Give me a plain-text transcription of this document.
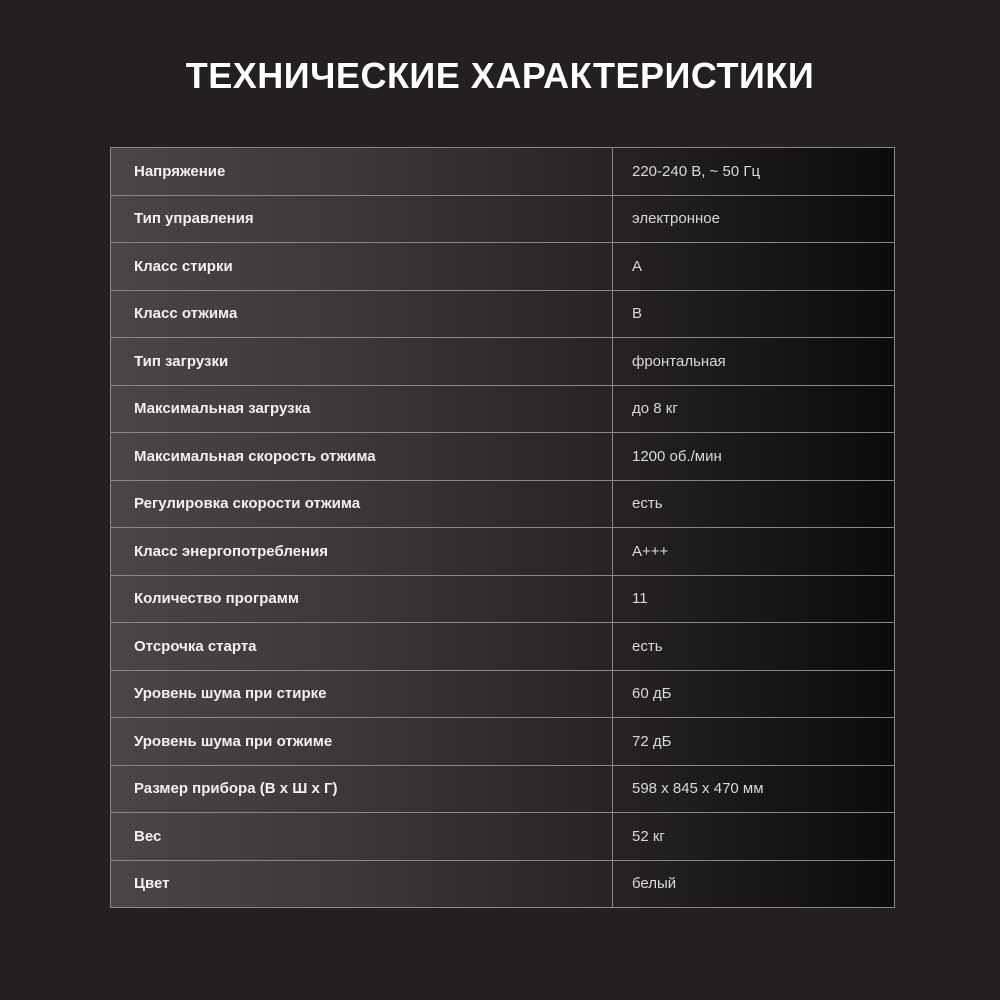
ТЕХНИЧЕСКИЕ ХАРАКТЕРИСТИКИ
Напряжение	220-240 В, ~ 50 Гц
Тип управления	электронное
Класс стирки	А
Класс отжима	В
Тип загрузки	фронтальная
Максимальная загрузка	до 8 кг
Максимальная скорость отжима	1200 об./мин
Регулировка скорости отжима	есть
Класс энергопотребления	А+++
Количество программ	11
Отсрочка старта	есть
Уровень шума при стирке	60 дБ
Уровень шума при отжиме	72 дБ
Размер прибора (В х Ш х Г)	598 х 845 х 470 мм
Вес	52 кг
Цвет	белый
